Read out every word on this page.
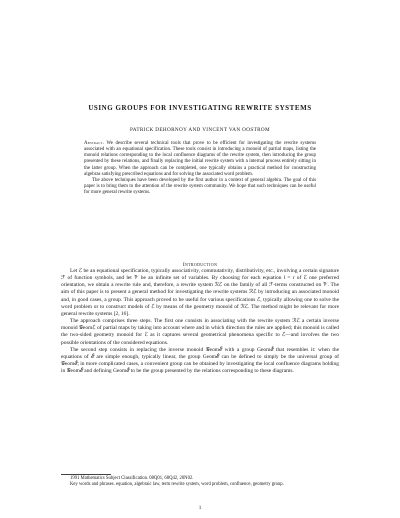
USING GROUPS FOR INVESTIGATING REWRITE SYSTEMS
PATRICK DEHORNOY AND VINCENT VAN OOSTROM

Abstract. We describe several technical tools that prove to be efficient for investigating the rewrite systems associated with an equational specification. These tools consist in introducing a monoid of partial maps, listing the monoid relations corresponding to the local confluence diagrams of the rewrite system, then introducing the group presented by these relations, and finally replacing the initial rewrite system with a internal process entirely sitting in the latter group. When the approach can be completed, one typically obtains a practical method for constructing algebras satisfying prescribed equations and for solving the associated word problem.

The above techniques have been developed by the first author in a context of general algebra. The goal of this paper is to bring them to the attention of the rewrite system community. We hope that such techniques can be useful for more general rewrite systems.

Introduction

Let ℰ be an equational specification, typically associativity, commutativity, distributivity, etc., involving a certain signature ℱ of function symbols, and let 𝒱 be an infinite set of variables. By choosing for each equation l = r of ℰ one preferred orientation, we obtain a rewrite rule and, therefore, a rewrite system ℛℰ on the family of all ℱ-terms constructed on 𝒱. The aim of this paper is to present a general method for investigating the rewrite systems ℛℰ by introducing an associated monoid and, in good cases, a group. This approach proved to be useful for various specifications ℰ, typically allowing one to solve the word problem or to construct models of ℰ by means of the geometry monoid of ℛℰ. The method might be relevant for more general rewrite systems [2, 16].

The approach comprises three steps. The first one consists in associating with the rewrite system ℛℰ a certain inverse monoid 𝒢eomℰ of partial maps by taking into account where and in which direction the rules are applied; this monoid is called the two-sided geometry monoid for ℰ as it captures several geometrical phenomena specific to ℰ—and involves the two possible orientations of the considered equations.

The second step consists in replacing the inverse monoid 𝒢eomℰ with a group Geomℰ that resembles it: when the equations of ℰ are simple enough, typically linear, the group Geomℰ can be defined to simply be the universal group of 𝒢eomℰ; in more complicated cases, a convenient group can be obtained by investigating the local confluence diagrams holding in 𝒢eomℰ and defining Geomℰ to be the group presented by the relations corresponding to these diagrams.

1991 Mathematics Subject Classification. 08Q01, 68Q42, 20N02.

Key words and phrases. equation, algebraic law, term rewrite system, word problem, confluence, geometry group.

1
